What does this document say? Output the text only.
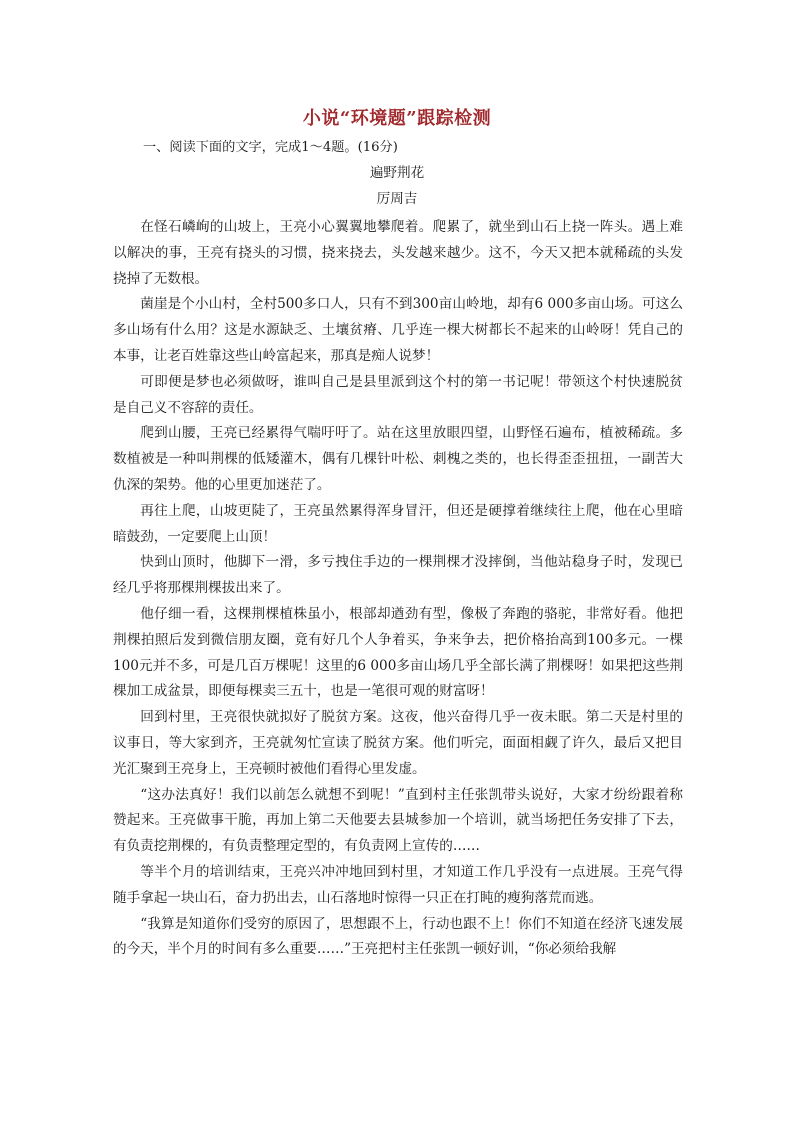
小说“环境题”跟踪检测
一、阅读下面的文字，完成1～4题。(16分)
遍野荆花
厉周吉

在怪石嶙峋的山坡上，王亮小心翼翼地攀爬着。爬累了，就坐到山石上挠一阵头。遇上难以解决的事，王亮有挠头的习惯，挠来挠去，头发越来越少。这不，今天又把本就稀疏的头发挠掉了无数根。

菌崖是个小山村，全村500多口人，只有不到300亩山岭地，却有6 000多亩山场。可这么多山场有什么用？这是水源缺乏、土壤贫瘠、几乎连一棵大树都长不起来的山岭呀！凭自己的本事，让老百姓靠这些山岭富起来，那真是痴人说梦！

可即便是梦也必须做呀，谁叫自己是县里派到这个村的第一书记呢！带领这个村快速脱贫是自己义不容辞的责任。

爬到山腰，王亮已经累得气喘吁吁了。站在这里放眼四望，山野怪石遍布，植被稀疏。多数植被是一种叫荆棵的低矮灌木，偶有几棵针叶松、刺槐之类的，也长得歪歪扭扭，一副苦大仇深的架势。他的心里更加迷茫了。

再往上爬，山坡更陡了，王亮虽然累得浑身冒汗，但还是硬撑着继续往上爬，他在心里暗暗鼓劲，一定要爬上山顶！

快到山顶时，他脚下一滑，多亏拽住手边的一棵荆棵才没摔倒，当他站稳身子时，发现已经几乎将那棵荆棵拔出来了。

他仔细一看，这棵荆棵植株虽小，根部却遒劲有型，像极了奔跑的骆驼，非常好看。他把荆棵拍照后发到微信朋友圈，竟有好几个人争着买，争来争去，把价格抬高到100多元。一棵100元并不多，可是几百万棵呢！这里的6 000多亩山场几乎全部长满了荆棵呀！如果把这些荆棵加工成盆景，即便每棵卖三五十，也是一笔很可观的财富呀！

回到村里，王亮很快就拟好了脱贫方案。这夜，他兴奋得几乎一夜未眠。第二天是村里的议事日，等大家到齐，王亮就匆忙宣读了脱贫方案。他们听完，面面相觑了许久，最后又把目光汇聚到王亮身上，王亮顿时被他们看得心里发虚。

“这办法真好！我们以前怎么就想不到呢！”直到村主任张凯带头说好，大家才纷纷跟着称赞起来。王亮做事干脆，再加上第二天他要去县城参加一个培训，就当场把任务安排了下去，有负责挖荆棵的，有负责整理定型的，有负责网上宣传的……

等半个月的培训结束，王亮兴冲冲地回到村里，才知道工作几乎没有一点进展。王亮气得随手拿起一块山石，奋力扔出去，山石落地时惊得一只正在打盹的瘦狗落荒而逃。

“我算是知道你们受穷的原因了，思想跟不上，行动也跟不上！你们不知道在经济飞速发展的今天，半个月的时间有多么重要……”王亮把村主任张凯一顿好训，“你必须给我解
